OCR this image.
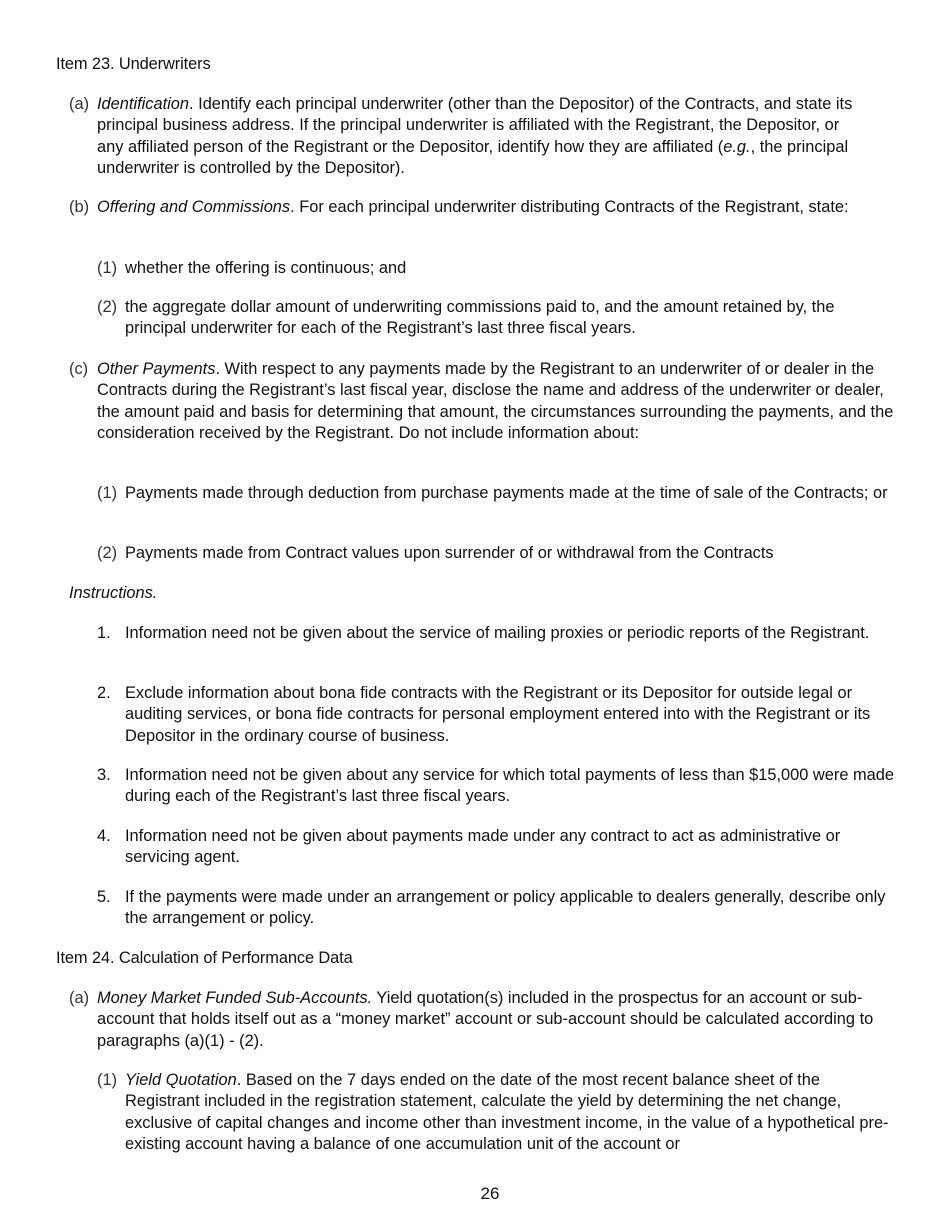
Item 23. Underwriters
(a) Identification. Identify each principal underwriter (other than the Depositor) of the Contracts, and state its principal business address. If the principal underwriter is affiliated with the Registrant, the Depositor, or any affiliated person of the Registrant or the Depositor, identify how they are affiliated (e.g., the principal underwriter is controlled by the Depositor).
(b) Offering and Commissions. For each principal underwriter distributing Contracts of the Registrant, state:
(1) whether the offering is continuous; and
(2) the aggregate dollar amount of underwriting commissions paid to, and the amount retained by, the principal underwriter for each of the Registrant’s last three fiscal years.
(c) Other Payments. With respect to any payments made by the Registrant to an underwriter of or dealer in the Contracts during the Registrant’s last fiscal year, disclose the name and address of the underwriter or dealer, the amount paid and basis for determining that amount, the circumstances surrounding the payments, and the consideration received by the Registrant. Do not include information about:
(1) Payments made through deduction from purchase payments made at the time of sale of the Contracts; or
(2) Payments made from Contract values upon surrender of or withdrawal from the Contracts
Instructions.
1. Information need not be given about the service of mailing proxies or periodic reports of the Registrant.
2. Exclude information about bona fide contracts with the Registrant or its Depositor for outside legal or auditing services, or bona fide contracts for personal employment entered into with the Registrant or its Depositor in the ordinary course of business.
3. Information need not be given about any service for which total payments of less than $15,000 were made during each of the Registrant’s last three fiscal years.
4. Information need not be given about payments made under any contract to act as administrative or servicing agent.
5. If the payments were made under an arrangement or policy applicable to dealers generally, describe only the arrangement or policy.
Item 24. Calculation of Performance Data
(a) Money Market Funded Sub-Accounts. Yield quotation(s) included in the prospectus for an account or sub-account that holds itself out as a “money market” account or sub-account should be calculated according to paragraphs (a)(1) - (2).
(1) Yield Quotation. Based on the 7 days ended on the date of the most recent balance sheet of the Registrant included in the registration statement, calculate the yield by determining the net change, exclusive of capital changes and income other than investment income, in the value of a hypothetical pre-existing account having a balance of one accumulation unit of the account or
26
